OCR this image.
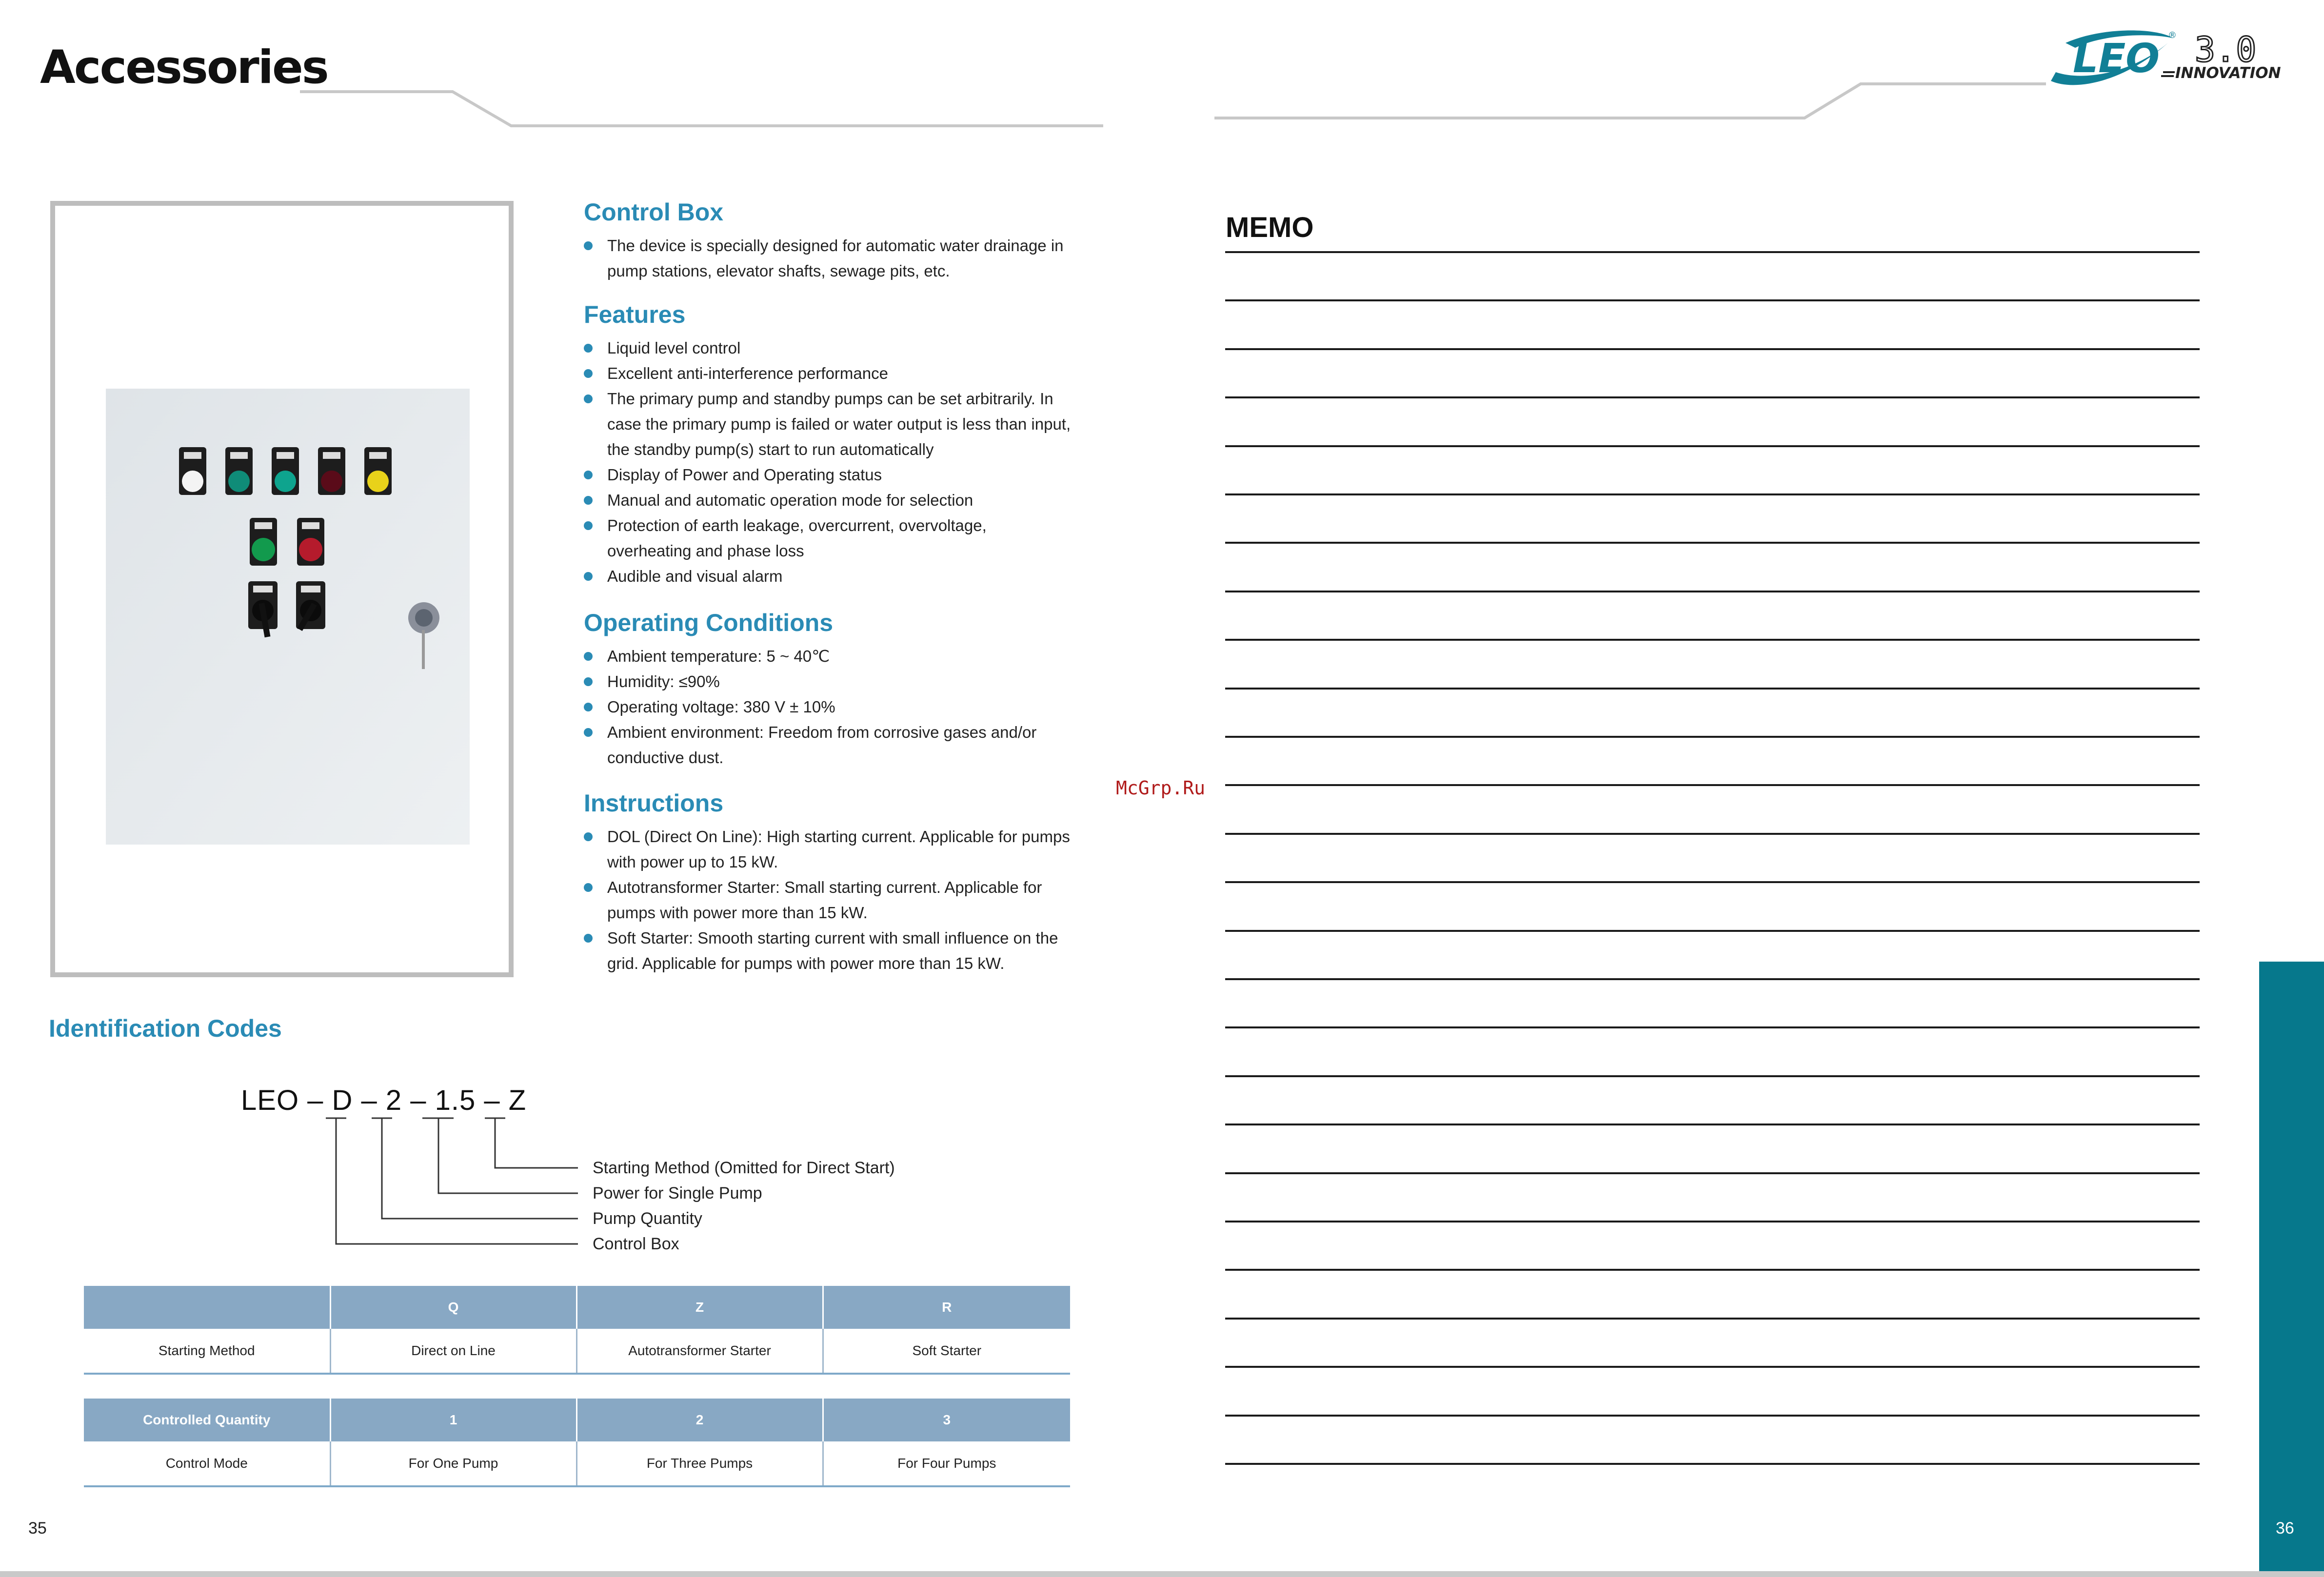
Accessories	LEO
® 3.0
INNOVATION
Control Box
The device is specially designed for automatic water drainage in pump stations, elevator shafts, sewage pits, etc.
Features
Liquid level control
Excellent anti-interference performance
The primary pump and standby pumps can be set arbitrarily. In case the primary pump is failed or water output is less than input, the standby pump(s) start to run automatically
Display of Power and Operating status
Manual and automatic operation mode for selection
Protection of earth leakage, overcurrent, overvoltage, overheating and phase loss
Audible and visual alarm
Operating Conditions
Ambient temperature: 5 ~ 40℃
Humidity: ≤90%
Operating voltage: 380 V ± 10%
Ambient environment: Freedom from corrosive gases and/or conductive dust.
Instructions
DOL (Direct On Line): High starting current. Applicable for pumps with power up to 15 kW.
Autotransformer Starter: Small starting current. Applicable for pumps with power more than 15 kW.
Soft Starter: Smooth starting current with small influence on the grid. Applicable for pumps with power more than 15 kW.
Identification Codes
LEO – D – 2 – 1.5 – Z
Starting Method (Omitted for Direct Start)
Power for Single Pump
Pump Quantity
Control Box
	Q	Z	R
Starting Method	Direct on Line	Autotransformer Starter	Soft Starter
Controlled Quantity	1	2	3
Control Mode	For One Pump	For Three Pumps	For Four Pumps
MEMO
McGrp.Ru
35	36
